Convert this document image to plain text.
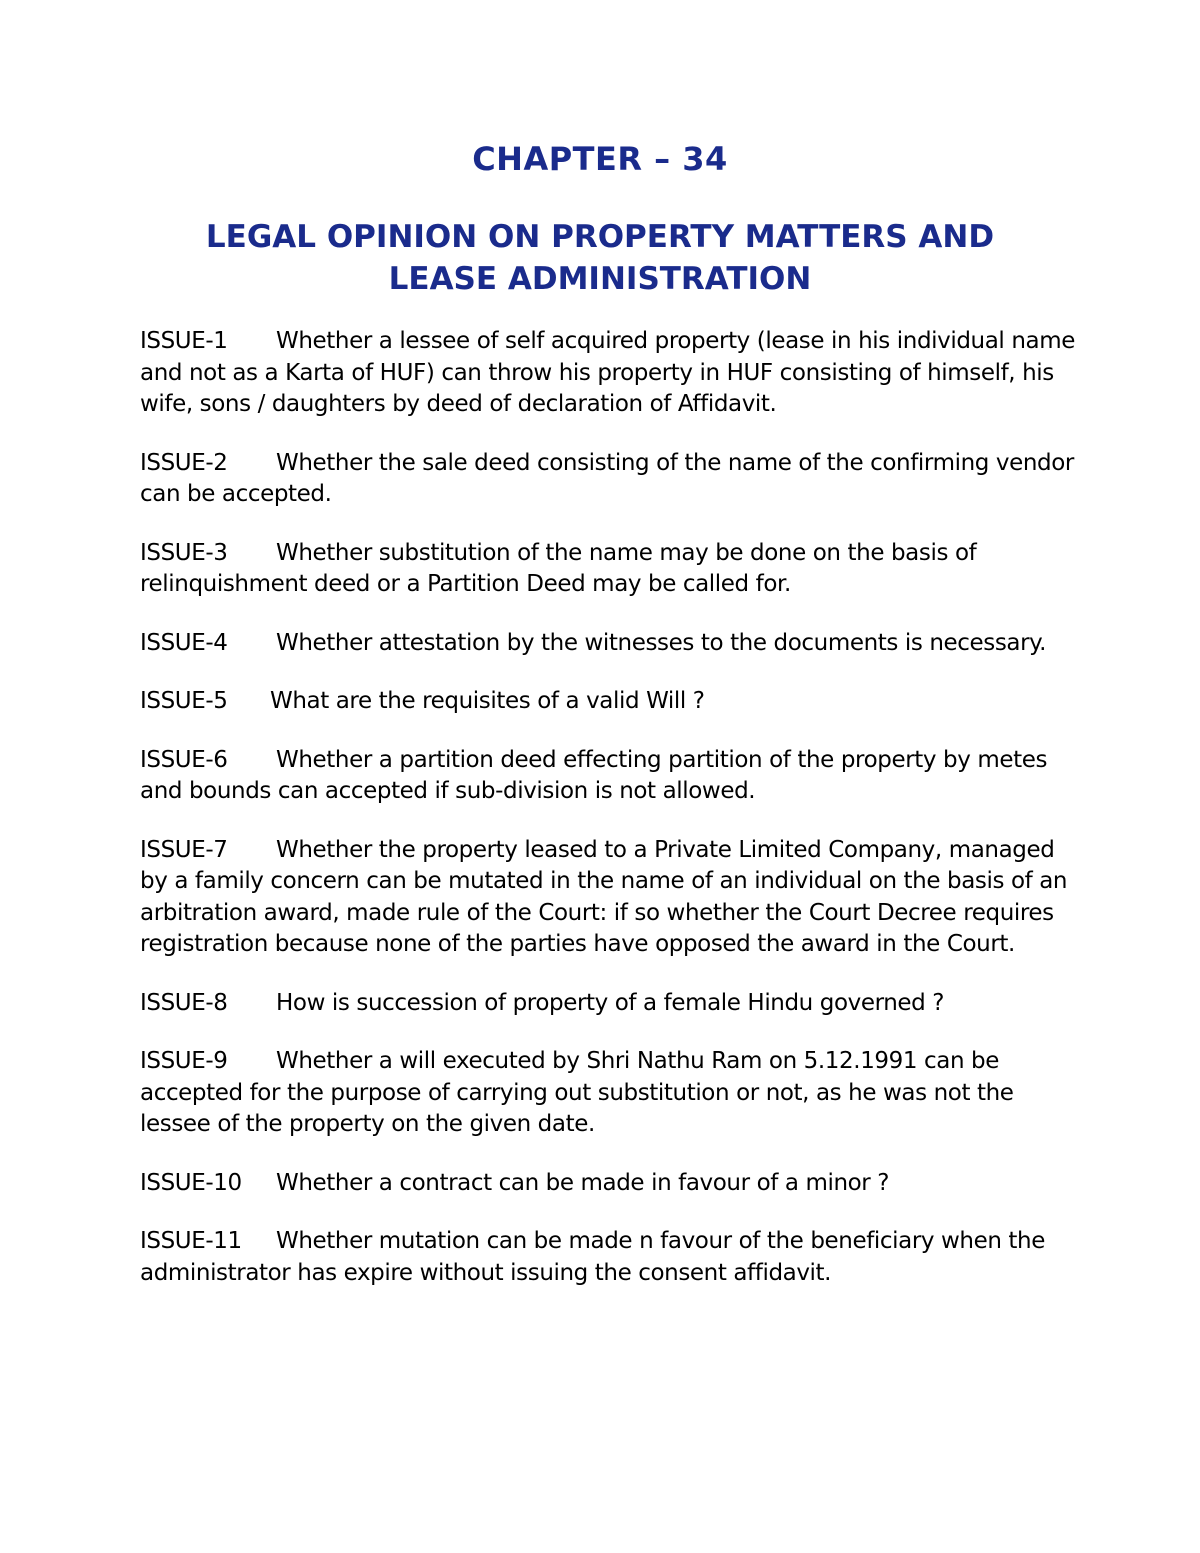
CHAPTER – 34
LEGAL OPINION ON PROPERTY MATTERS AND
LEASE ADMINISTRATION

ISSUE-1 Whether a lessee of self acquired property (lease in his individual name and not as a Karta of HUF) can throw his property in HUF consisting of himself, his wife, sons / daughters by deed of declaration of Affidavit.

ISSUE-2 Whether the sale deed consisting of the name of the confirming vendor can be accepted.

ISSUE-3 Whether substitution of the name may be done on the basis of relinquishment deed or a Partition Deed may be called for.

ISSUE-4 Whether attestation by the witnesses to the documents is necessary.

ISSUE-5 What are the requisites of a valid Will ?

ISSUE-6 Whether a partition deed effecting partition of the property by metes and bounds can accepted if sub-division is not allowed.

ISSUE-7 Whether the property leased to a Private Limited Company, managed by a family concern can be mutated in the name of an individual on the basis of an arbitration award, made rule of the Court: if so whether the Court Decree requires registration because none of the parties have opposed the award in the Court.

ISSUE-8 How is succession of property of a female Hindu governed ?

ISSUE-9 Whether a will executed by Shri Nathu Ram on 5.12.1991 can be accepted for the purpose of carrying out substitution or not, as he was not the lessee of the property on the given date.

ISSUE-10 Whether a contract can be made in favour of a minor ?

ISSUE-11 Whether mutation can be made n favour of the beneficiary when the administrator has expire without issuing the consent affidavit.
